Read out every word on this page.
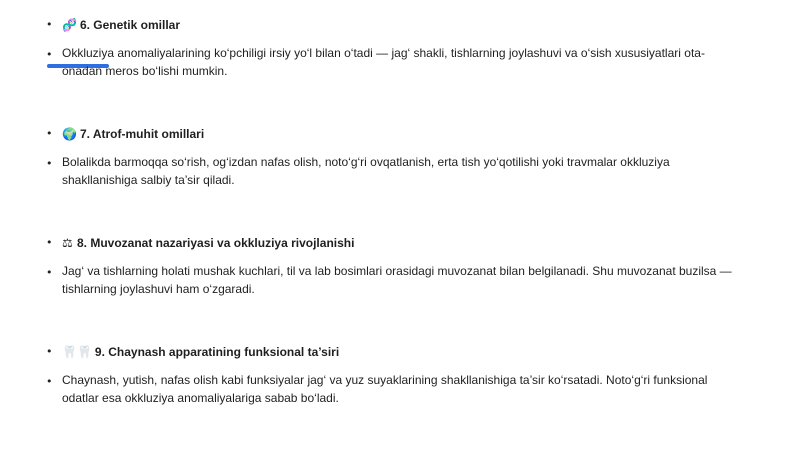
• 🧬 6. Genetik omillar
• Okkluziya anomaliyalarining ko‘pchiligi irsiy yo‘l bilan o‘tadi — jag‘ shakli, tishlarning joylashuvi va o‘sish xususiyatlari ota-onadan meros bo‘lishi mumkin.
• 🌍 7. Atrof-muhit omillari
• Bolalikda barmoqqa so‘rish, og‘izdan nafas olish, noto‘g‘ri ovqatlanish, erta tish yo‘qotilishi yoki travmalar okkluziya shakllanishiga salbiy ta’sir qiladi.
• ⚖ 8. Muvozanat nazariyasi va okkluziya rivojlanishi
• Jag‘ va tishlarning holati mushak kuchlari, til va lab bosimlari orasidagi muvozanat bilan belgilanadi. Shu muvozanat buzilsa — tishlarning joylashuvi ham o‘zgaradi.
• 🦷🦷 9. Chaynash apparatining funksional ta’siri
• Chaynash, yutish, nafas olish kabi funksiyalar jag‘ va yuz suyaklarining shakllanishiga ta’sir ko‘rsatadi. Noto‘g‘ri funksional odatlar esa okkluziya anomaliyalariga sabab bo‘ladi.
